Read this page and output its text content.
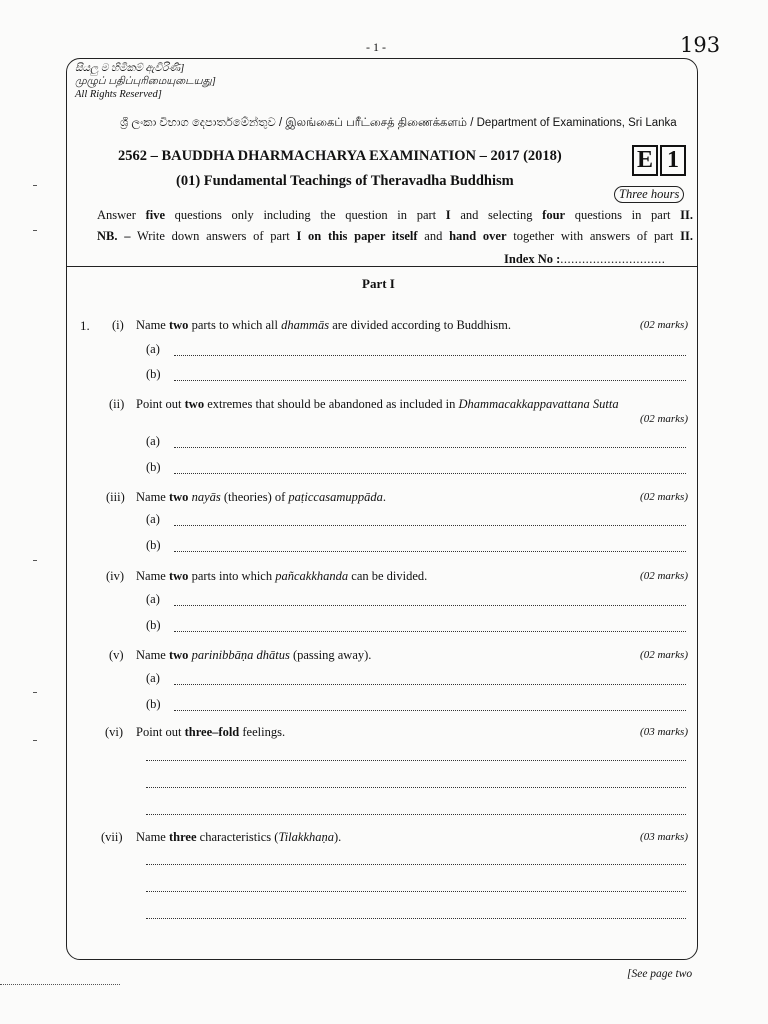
- 1 -	193
සියලු ම හිමිකම් ඇවිරිණි]
முழுப் பதிப்புரிமையுடையது]
All Rights Reserved]
ශ්‍රී ලංකා විභාග දෙපාර්තමේන්තුව / இலங்கைப் பரீட்சைத் திணைக்களம் / Department of Examinations, Sri Lanka
2562 – BAUDDHA DHARMACHARYA EXAMINATION – 2017 (2018)
(01) Fundamental Teachings of Theravadha Buddhism
E 1
Three hours
Answer five questions only including the question in part I and selecting four questions in part II.
NB. – Write down answers of part I on this paper itself and hand over together with answers of part II.
Index No :.............................
Part I
1. (i) Name two parts to which all dhammās are divided according to Buddhism.	(02 marks)
(a)
(b)
(ii) Point out two extremes that should be abandoned as included in Dhammacakkappavattana Sutta
(02 marks)
(a)
(b)
(iii) Name two nayās (theories) of paṭiccasamuppāda.	(02 marks)
(a)
(b)
(iv) Name two parts into which pañcakkhanda can be divided.	(02 marks)
(a)
(b)
(v) Name two parinibbāṇa dhātus (passing away).	(02 marks)
(a)
(b)
(vi) Point out three–fold feelings.	(03 marks)
(vii) Name three characteristics (Tilakkhaṇa).	(03 marks)
[See page two
